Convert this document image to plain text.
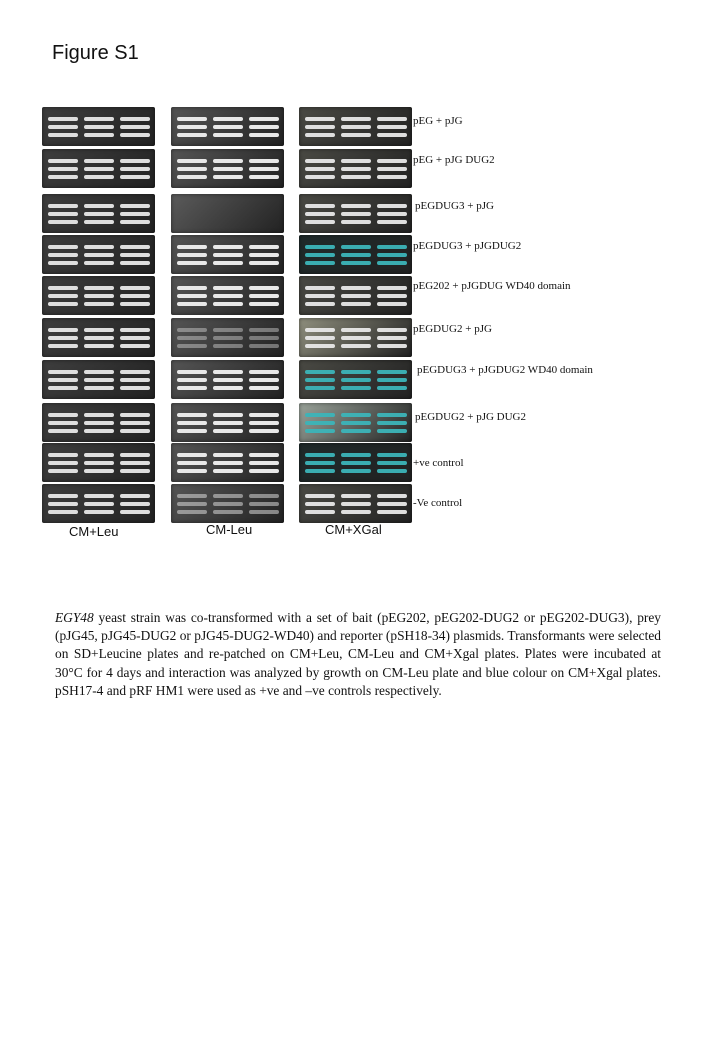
Figure S1
CM+Leu	CM-Leu	CM+XGal
pEG + pJG
pEG + pJG DUG2
pEGDUG3 + pJG
pEGDUG3 + pJGDUG2
pEG202 + pJGDUG WD40 domain
pEGDUG2 + pJG
pEGDUG3 + pJGDUG2 WD40 domain
pEGDUG2 + pJG DUG2
+ve control
-Ve control
EGY48 yeast strain was co-transformed with a set of bait (pEG202, pEG202-DUG2 or pEG202-DUG3), prey (pJG45, pJG45-DUG2 or pJG45-DUG2-WD40) and reporter (pSH18-34) plasmids. Transformants were selected on SD+Leucine plates and re-patched on CM+Leu, CM-Leu and CM+Xgal plates. Plates were incubated at 30°C for 4 days and interaction was analyzed by growth on CM-Leu plate and blue colour on CM+Xgal plates. pSH17-4 and pRF HM1 were used as +ve and –ve controls respectively.
